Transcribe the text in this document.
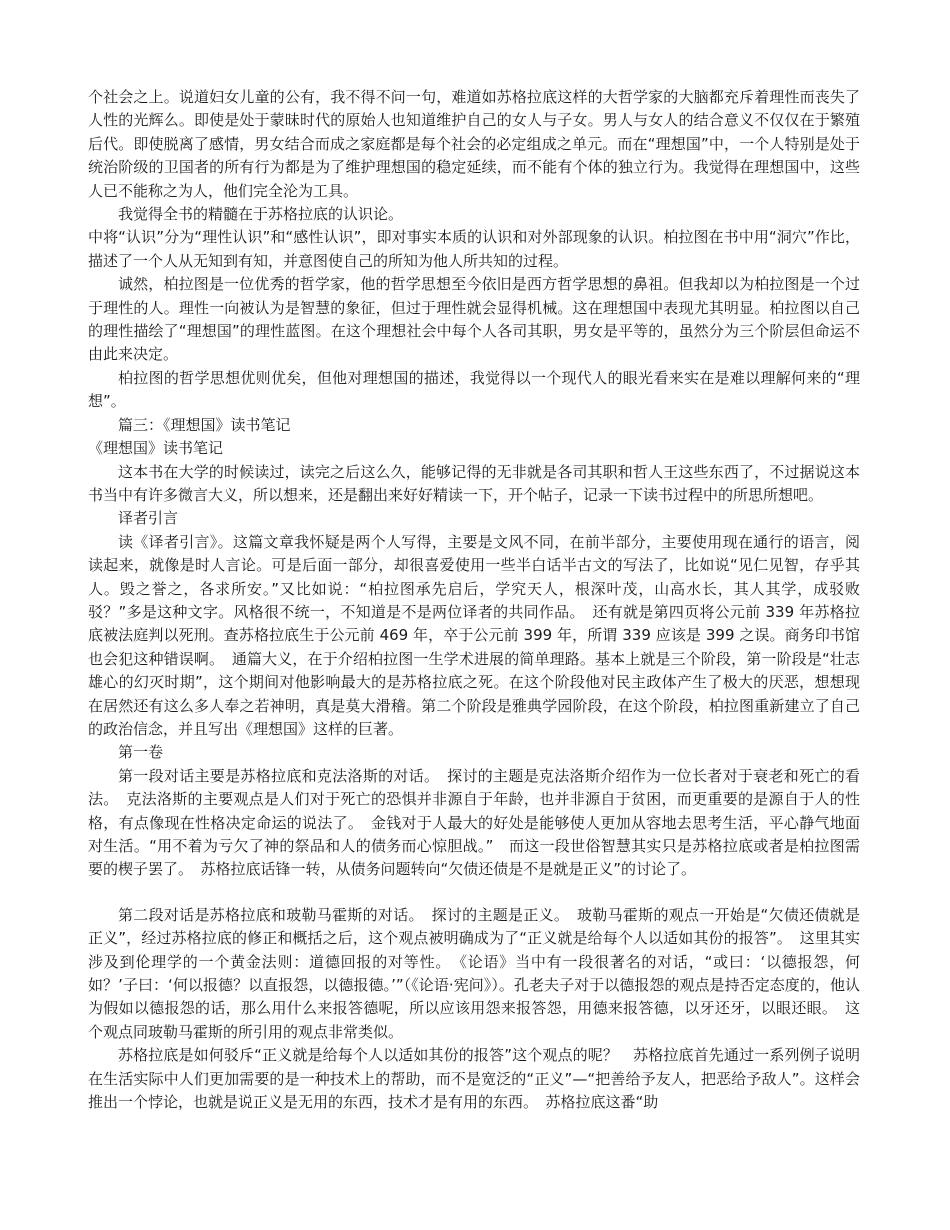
个社会之上。说道妇女儿童的公有，我不得不问一句，难道如苏格拉底这样的大哲学家的大脑都充斥着理性而丧失了人性的光辉么。即使是处于蒙昧时代的原始人也知道维护自己的女人与子女。男人与女人的结合意义不仅仅在于繁殖后代。即使脱离了感情，男女结合而成之家庭都是每个社会的必定组成之单元。而在“理想国”中，一个人特别是处于统治阶级的卫国者的所有行为都是为了维护理想国的稳定延续，而不能有个体的独立行为。我觉得在理想国中，这些人已不能称之为人，他们完全沦为工具。

我觉得全书的精髓在于苏格拉底的认识论。

中将“认识”分为“理性认识”和“感性认识”，即对事实本质的认识和对外部现象的认识。柏拉图在书中用“洞穴”作比，描述了一个人从无知到有知，并意图使自己的所知为他人所共知的过程。

诚然，柏拉图是一位优秀的哲学家，他的哲学思想至今依旧是西方哲学思想的鼻祖。但我却以为柏拉图是一个过于理性的人。理性一向被认为是智慧的象征，但过于理性就会显得机械。这在理想国中表现尤其明显。柏拉图以自己的理性描绘了“理想国”的理性蓝图。在这个理想社会中每个人各司其职，男女是平等的，虽然分为三个阶层但命运不由此来决定。

柏拉图的哲学思想优则优矣，但他对理想国的描述，我觉得以一个现代人的眼光看来实在是难以理解何来的“理想”。

篇三：《理想国》读书笔记

《理想国》读书笔记

这本书在大学的时候读过，读完之后这么久，能够记得的无非就是各司其职和哲人王这些东西了，不过据说这本书当中有许多微言大义，所以想来，还是翻出来好好精读一下，开个帖子，记录一下读书过程中的所思所想吧。

译者引言

读《译者引言》。这篇文章我怀疑是两个人写得，主要是文风不同，在前半部分，主要使用现在通行的语言，阅读起来，就像是时人言论。可是后面一部分，却很喜爱使用一些半白话半古文的写法了，比如说“见仁见智，存乎其人。毁之誉之，各求所安。”又比如说：“柏拉图承先启后，学究天人，根深叶茂，山高水长，其人其学，成驳败驳？”多是这种文字。风格很不统一，不知道是不是两位译者的共同作品。　还有就是第四页将公元前 339 年苏格拉底被法庭判以死刑。查苏格拉底生于公元前 469 年，卒于公元前 399 年，所谓 339 应该是 399 之误。商务印书馆也会犯这种错误啊。　通篇大义，在于介绍柏拉图一生学术进展的简单理路。基本上就是三个阶段，第一阶段是“壮志雄心的幻灭时期”，这个期间对他影响最大的是苏格拉底之死。在这个阶段他对民主政体产生了极大的厌恶，想想现在居然还有这么多人奉之若神明，真是莫大滑稽。第二个阶段是雅典学园阶段，在这个阶段，柏拉图重新建立了自己的政治信念，并且写出《理想国》这样的巨著。

第一卷

第一段对话主要是苏格拉底和克法洛斯的对话。　探讨的主题是克法洛斯介绍作为一位长者对于衰老和死亡的看法。　克法洛斯的主要观点是人们对于死亡的恐惧并非源自于年龄，也并非源自于贫困，而更重要的是源自于人的性格，有点像现在性格决定命运的说法了。　金钱对于人最大的好处是能够使人更加从容地去思考生活，平心静气地面对生活。“用不着为亏欠了神的祭品和人的债务而心惊胆战。”　而这一段世俗智慧其实只是苏格拉底或者是柏拉图需要的楔子罢了。　苏格拉底话锋一转，从债务问题转向“欠债还债是不是就是正义”的讨论了。

第二段对话是苏格拉底和玻勒马霍斯的对话。　探讨的主题是正义。　玻勒马霍斯的观点一开始是“欠债还债就是正义”，经过苏格拉底的修正和概括之后，这个观点被明确成为了“正义就是给每个人以适如其份的报答”。　这里其实涉及到伦理学的一个黄金法则：道德回报的对等性。　《论语》当中有一段很著名的对话，“或曰：‘以德报怨，何如？’子曰：‘何以报德？以直报怨，以德报德。’”（《论语·宪问》）。孔老夫子对于以德报怨的观点是持否定态度的，他认为假如以德报怨的话，那么用什么来报答德呢，所以应该用怨来报答怨，用德来报答德，以牙还牙，以眼还眼。　这个观点同玻勒马霍斯的所引用的观点非常类似。

苏格拉底是如何驳斥“正义就是给每个人以适如其份的报答”这个观点的呢？　苏格拉底首先通过一系列例子说明在生活实际中人们更加需要的是一种技术上的帮助，而不是宽泛的“正义”—“把善给予友人，把恶给予敌人”。这样会推出一个悖论，也就是说正义是无用的东西，技术才是有用的东西。　苏格拉底这番“助
